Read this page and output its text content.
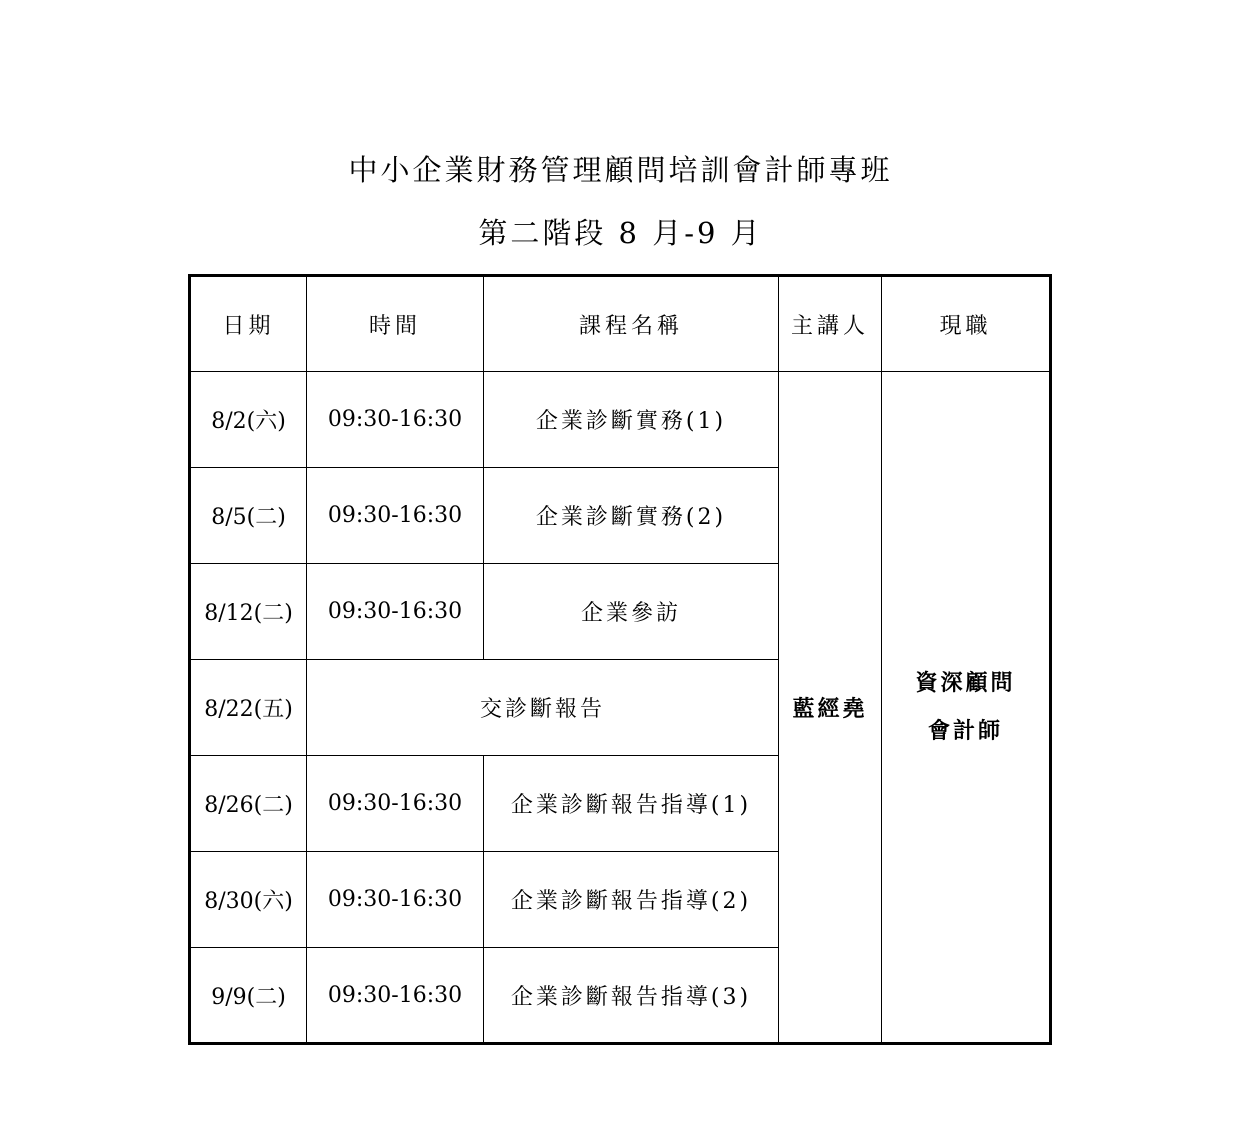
中小企業財務管理顧問培訓會計師專班
第二階段 8 月-9 月
日期	時間	課程名稱	主講人	現職
8/2(六)	09:30-16:30	企業診斷實務(1)	藍經堯	資深顧問
會計師

8/5(二)	09:30-16:30	企業診斷實務(2)		
8/12(二)	09:30-16:30	企業參訪		
8/22(五)	交診斷報告			
8/26(二)	09:30-16:30	企業診斷報告指導(1)		
8/30(六)	09:30-16:30	企業診斷報告指導(2)		
9/9(二)	09:30-16:30	企業診斷報告指導(3)		
